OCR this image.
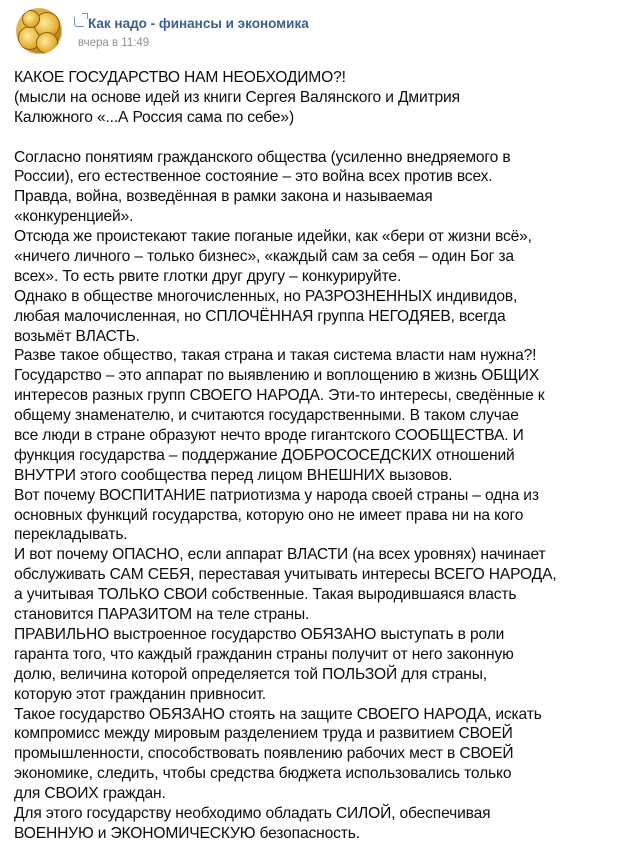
Как надо - финансы и экономика
вчера в 11:49
КАКОЕ ГОСУДАРСТВО НАМ НЕОБХОДИМО?!
(мысли на основе идей из книги Сергея Валянского и Дмитрия
Калюжного «...А Россия сама по себе»)
Согласно понятиям гражданского общества (усиленно внедряемого в
России), его естественное состояние – это война всех против всех.
Правда, война, возведённая в рамки закона и называемая
«конкуренцией».
Отсюда же проистекают такие поганые идейки, как «бери от жизни всё»,
«ничего личного – только бизнес», «каждый сам за себя – один Бог за
всех». То есть рвите глотки друг другу – конкурируйте.
Однако в обществе многочисленных, но РАЗРОЗНЕННЫХ индивидов,
любая малочисленная, но СПЛОЧЁННАЯ группа НЕГОДЯЕВ, всегда
возьмёт ВЛАСТЬ.
Разве такое общество, такая страна и такая система власти нам нужна?!
Государство – это аппарат по выявлению и воплощению в жизнь ОБЩИХ
интересов разных групп СВОЕГО НАРОДА. Эти-то интересы, сведённые к
общему знаменателю, и считаются государственными. В таком случае
все люди в стране образуют нечто вроде гигантского СООБЩЕСТВА. И
функция государства – поддержание ДОБРОСОСЕДСКИХ отношений
ВНУТРИ этого сообщества перед лицом ВНЕШНИХ вызовов.
Вот почему ВОСПИТАНИЕ патриотизма у народа своей страны – одна из
основных функций государства, которую оно не имеет права ни на кого
перекладывать.
И вот почему ОПАСНО, если аппарат ВЛАСТИ (на всех уровнях) начинает
обслуживать САМ СЕБЯ, переставая учитывать интересы ВСЕГО НАРОДА,
а учитывая ТОЛЬКО СВОИ собственные. Такая выродившаяся власть
становится ПАРАЗИТОМ на теле страны.
ПРАВИЛЬНО выстроенное государство ОБЯЗАНО выступать в роли
гаранта того, что каждый гражданин страны получит от него законную
долю, величина которой определяется той ПОЛЬЗОЙ для страны,
которую этот гражданин привносит.
Такое государство ОБЯЗАНО стоять на защите СВОЕГО НАРОДА, искать
компромисс между мировым разделением труда и развитием СВОЕЙ
промышленности, способствовать появлению рабочих мест в СВОЕЙ
экономике, следить, чтобы средства бюджета использовались только
для СВОИХ граждан.
Для этого государству необходимо обладать СИЛОЙ, обеспечивая
ВОЕННУЮ и ЭКОНОМИЧЕСКУЮ безопасность.
